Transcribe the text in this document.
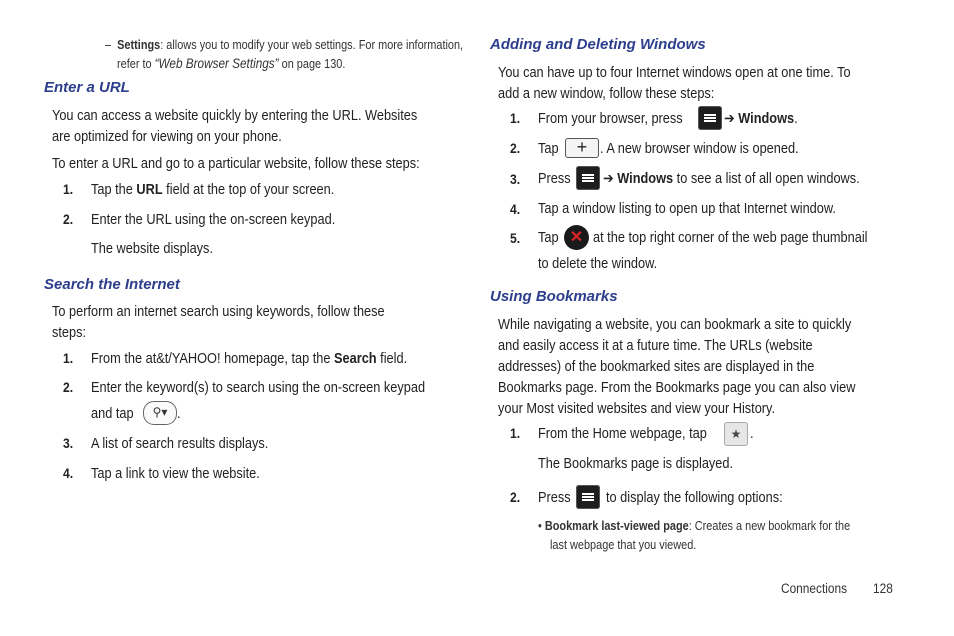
– Settings: allows you to modify your web settings. For more information,
refer to “Web Browser Settings” on page 130.
Enter a URL
You can access a website quickly by entering the URL. Websites
are optimized for viewing on your phone.
To enter a URL and go to a particular website, follow these steps:
1. Tap the URL field at the top of your screen.
2. Enter the URL using the on-screen keypad.
The website displays.
Search the Internet
To perform an internet search using keywords, follow these
steps:
1. From the at&t/YAHOO! homepage, tap the Search field.
2. Enter the keyword(s) to search using the on-screen keypad
and tap	⚲▾ .
3. A list of search results displays.
4. Tap a link to view the website.
Adding and Deleting Windows
You can have up to four Internet windows open at one time. To
add a new window, follow these steps:
1. From your browser, press	➔ Windows.
2. Tap	+ . A new browser window is opened.
3. Press ➔ Windows to see a list of all open windows.
4. Tap a window listing to open up that Internet window.
5. Tap
✕ at the top right corner of the web page thumbnail
to delete the window.
Using Bookmarks
While navigating a website, you can bookmark a site to quickly
and easily access it at a future time. The URLs (website
addresses) of the bookmarked sites are displayed in the
Bookmarks page. From the Bookmarks page you can also view
your Most visited websites and view your History.
1. From the Home webpage, tap	★ .
The Bookmarks page is displayed.
2. Press to display the following options:
• Bookmark last-viewed page: Creates a new bookmark for the
last webpage that you viewed.
Connections 128
